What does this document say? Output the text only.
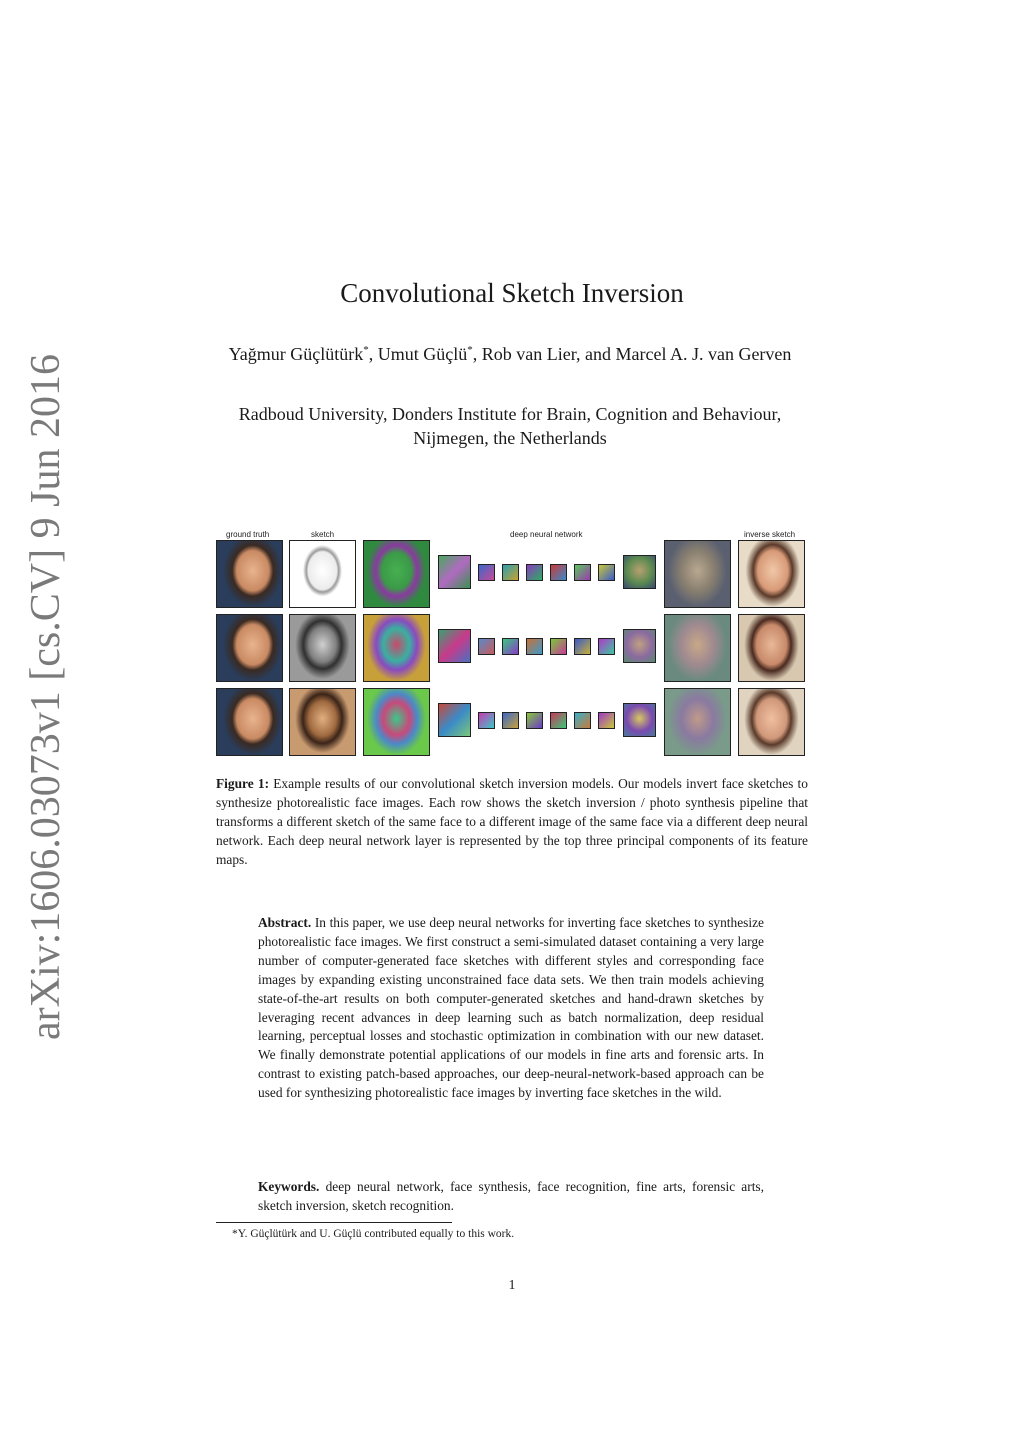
arXiv:1606.03073v1 [cs.CV] 9 Jun 2016
Convolutional Sketch Inversion
Yağmur Güçlütürk*, Umut Güçlü*, Rob van Lier, and Marcel A. J. van Gerven
Radboud University, Donders Institute for Brain, Cognition and Behaviour, Nijmegen, the Netherlands
ground truth	sketch	deep neural network	inverse sketch
Figure 1: Example results of our convolutional sketch inversion models. Our models invert face sketches to synthesize photorealistic face images. Each row shows the sketch inversion / photo synthesis pipeline that transforms a different sketch of the same face to a different image of the same face via a different deep neural network. Each deep neural network layer is represented by the top three principal components of its feature maps.
Abstract. In this paper, we use deep neural networks for inverting face sketches to synthesize photorealistic face images. We first construct a semi-simulated dataset containing a very large number of computer-generated face sketches with different styles and corresponding face images by expanding existing unconstrained face data sets. We then train models achieving state-of-the-art results on both computer-generated sketches and hand-drawn sketches by leveraging recent advances in deep learning such as batch normalization, deep residual learning, perceptual losses and stochastic optimization in combination with our new dataset. We finally demonstrate potential applications of our models in fine arts and forensic arts. In contrast to existing patch-based approaches, our deep-neural-network-based approach can be used for synthesizing photorealistic face images by inverting face sketches in the wild.
Keywords. deep neural network, face synthesis, face recognition, fine arts, forensic arts, sketch inversion, sketch recognition.
*Y. Güçlütürk and U. Güçlü contributed equally to this work.
1
